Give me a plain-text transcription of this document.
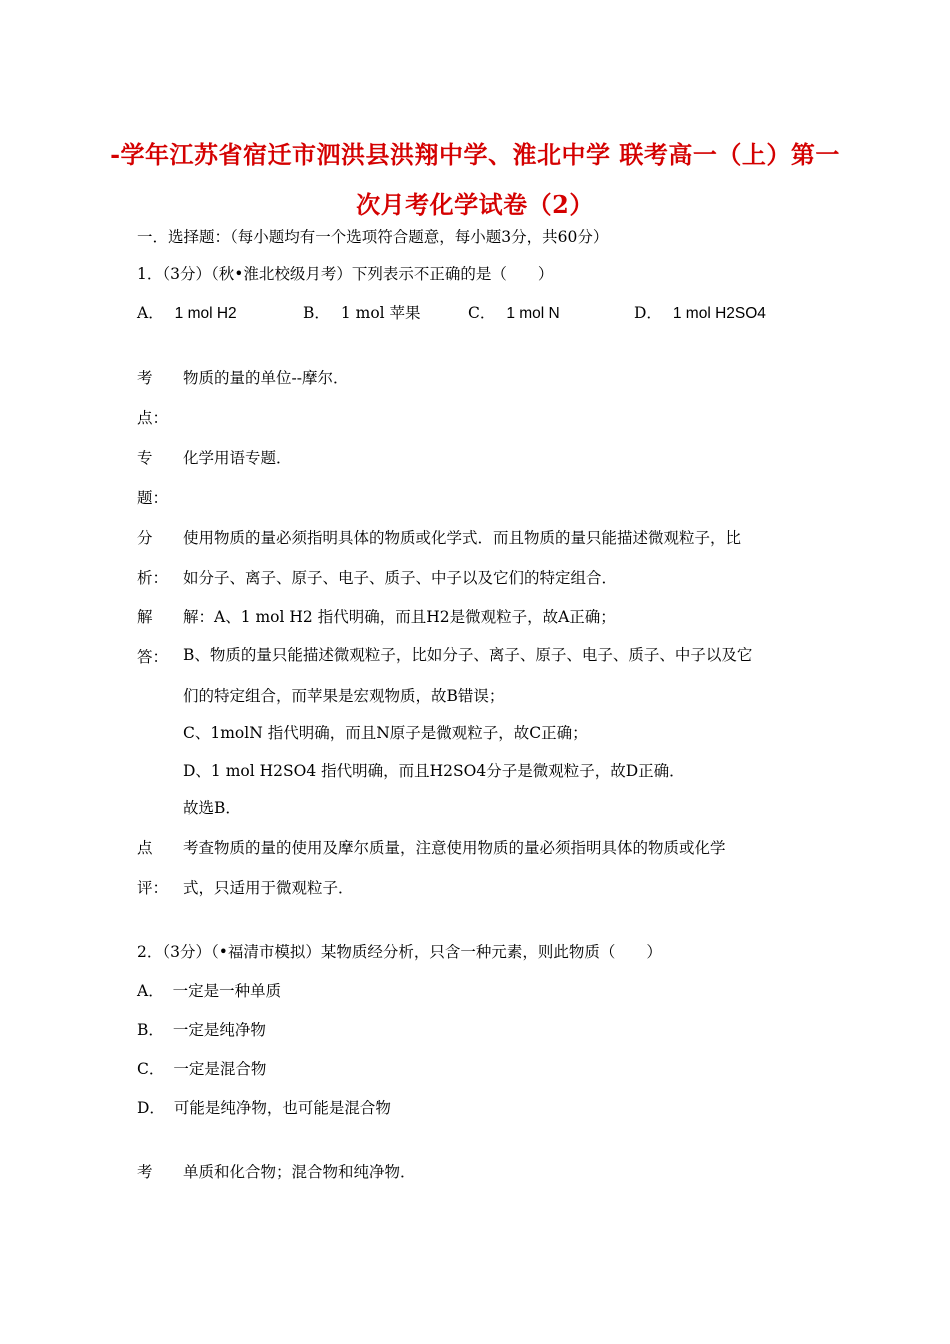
-学年江苏省宿迁市泗洪县洪翔中学、淮北中学 联考高一（上）第一
次月考化学试卷（2）
一．选择题：（每小题均有一个选项符合题意，每小题3分，共60分）
1．（3分）（秋•淮北校级月考）下列表示不正确的是（　　）
A． 1 mol H2	B． 1 mol 苹果	C． 1 mol N	D． 1 mol H2SO4
考
点：
物质的量的单位--摩尔．
专
题：
化学用语专题．
分
析：
使用物质的量必须指明具体的物质或化学式．而且物质的量只能描述微观粒子，比
如分子、离子、原子、电子、质子、中子以及它们的特定组合．
解
答：
解：A、1 mol H2 指代明确，而且H2是微观粒子，故A正确；
B、物质的量只能描述微观粒子，比如分子、离子、原子、电子、质子、中子以及它
们的特定组合，而苹果是宏观物质，故B错误；
C、1molN 指代明确，而且N原子是微观粒子，故C正确；
D、1 mol H2SO4 指代明确，而且H2SO4分子是微观粒子，故D正确．
故选B．
点
评：
考查物质的量的使用及摩尔质量，注意使用物质的量必须指明具体的物质或化学
式，只适用于微观粒子．
2．（3分）（•福清市模拟）某物质经分析，只含一种元素，则此物质（　　）
A． 一定是一种单质
B． 一定是纯净物
C． 一定是混合物
D． 可能是纯净物，也可能是混合物
考 单质和化合物；混合物和纯净物．
